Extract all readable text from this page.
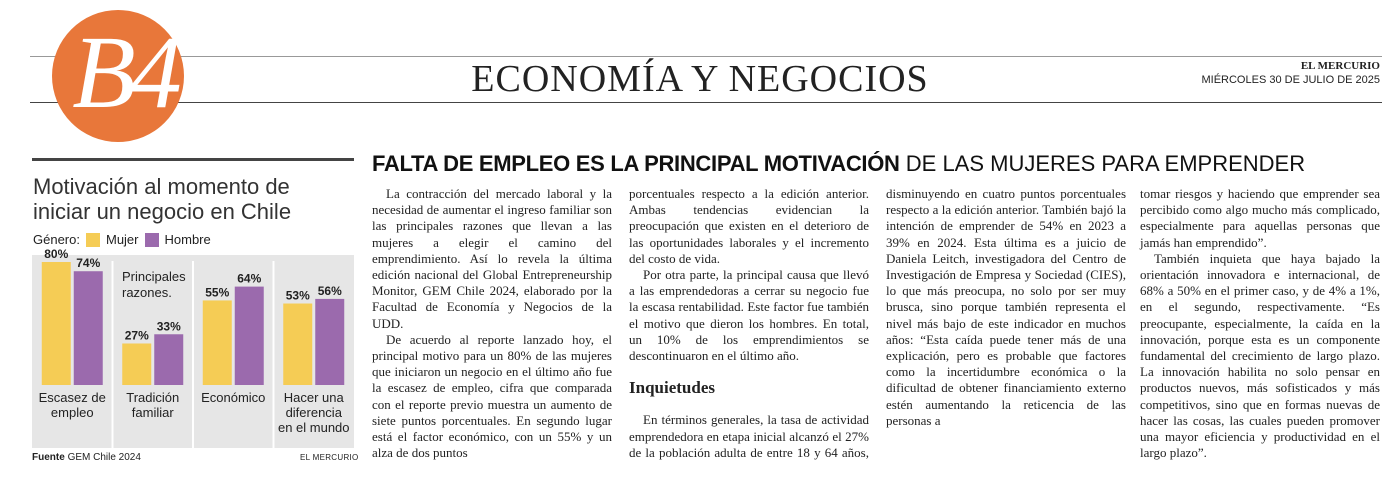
B4	ECONOMÍA Y NEGOCIOS	EL MERCURIO
MIÉRCOLES 30 DE JULIO DE 2025
Motivación al momento de iniciar un negocio en Chile
Género: Mujer Hombre
80%
74%
Escasez de
empleo
27%
33%
Tradición
familiar
55%
64%
Económico
53% 56%
Hacer una
diferencia
en el mundo
Principales
razones.
Fuente GEM Chile 2024	EL MERCURIO
FALTA DE EMPLEO ES LA PRINCIPAL MOTIVACIÓN DE LAS MUJERES PARA EMPRENDER

La contracción del mercado laboral y la necesidad de aumentar el ingreso familiar son las principales razones que llevan a las mujeres a elegir el camino del emprendimiento. Así lo revela la última edición nacional del Global Entrepreneurship Monitor, GEM Chile 2024, elaborado por la Facultad de Economía y Negocios de la UDD.

De acuerdo al reporte lanzado hoy, el principal motivo para un 80% de las mujeres que iniciaron un negocio en el último año fue la escasez de empleo, cifra que comparada con el reporte previo muestra un aumento de siete puntos porcentuales. En segundo lugar está el factor económico, con un 55% y un alza de dos puntos

porcentuales respecto a la edición anterior. Ambas tendencias evidencian la preocupación que existen en el deterioro de las oportunidades laborales y el incremento del costo de vida.

Por otra parte, la principal causa que llevó a las emprendedoras a cerrar su negocio fue la escasa rentabilidad. Este factor fue también el motivo que dieron los hombres. En total, un 10% de los emprendimientos se descontinuaron en el último año.

Inquietudes

tomar riesgos y haciendo que emprender sea percibido como algo mucho más complicado, especialmente para aquellas personas que jamás han emprendido”.

También inquieta que haya bajado la orientación innovadora e internacional, de 68% a 50% en el primer caso, y de 4% a 1%, en el segundo, respectivamente. “Es preocupante, especialmente, la caída en la innovación, porque esta es un componente fundamental del crecimiento de largo plazo. La innovación habilita no solo pensar en productos nuevos, más sofisticados y más competitivos, sino que en formas nuevas de hacer las cosas, las cuales pueden promover una mayor eficiencia y productividad en el largo plazo”.

En términos generales, la tasa de actividad emprendedora en etapa inicial alcanzó el 27% de la población adulta de entre 18 y 64 años, disminuyendo en cuatro puntos porcentuales respecto a la edición anterior. También bajó la intención de emprender de 54% en 2023 a 39% en 2024. Esta última es a juicio de Daniela Leitch, investigadora del Centro de Investigación de Empresa y Sociedad (CIES), lo que más preocupa, no solo por ser muy brusca, sino porque también representa el nivel más bajo de este indicador en muchos años: “Esta caída puede tener más de una explicación, pero es probable que factores como la incertidumbre económica o la dificultad de obtener financiamiento externo estén aumentando la reticencia de las personas a
